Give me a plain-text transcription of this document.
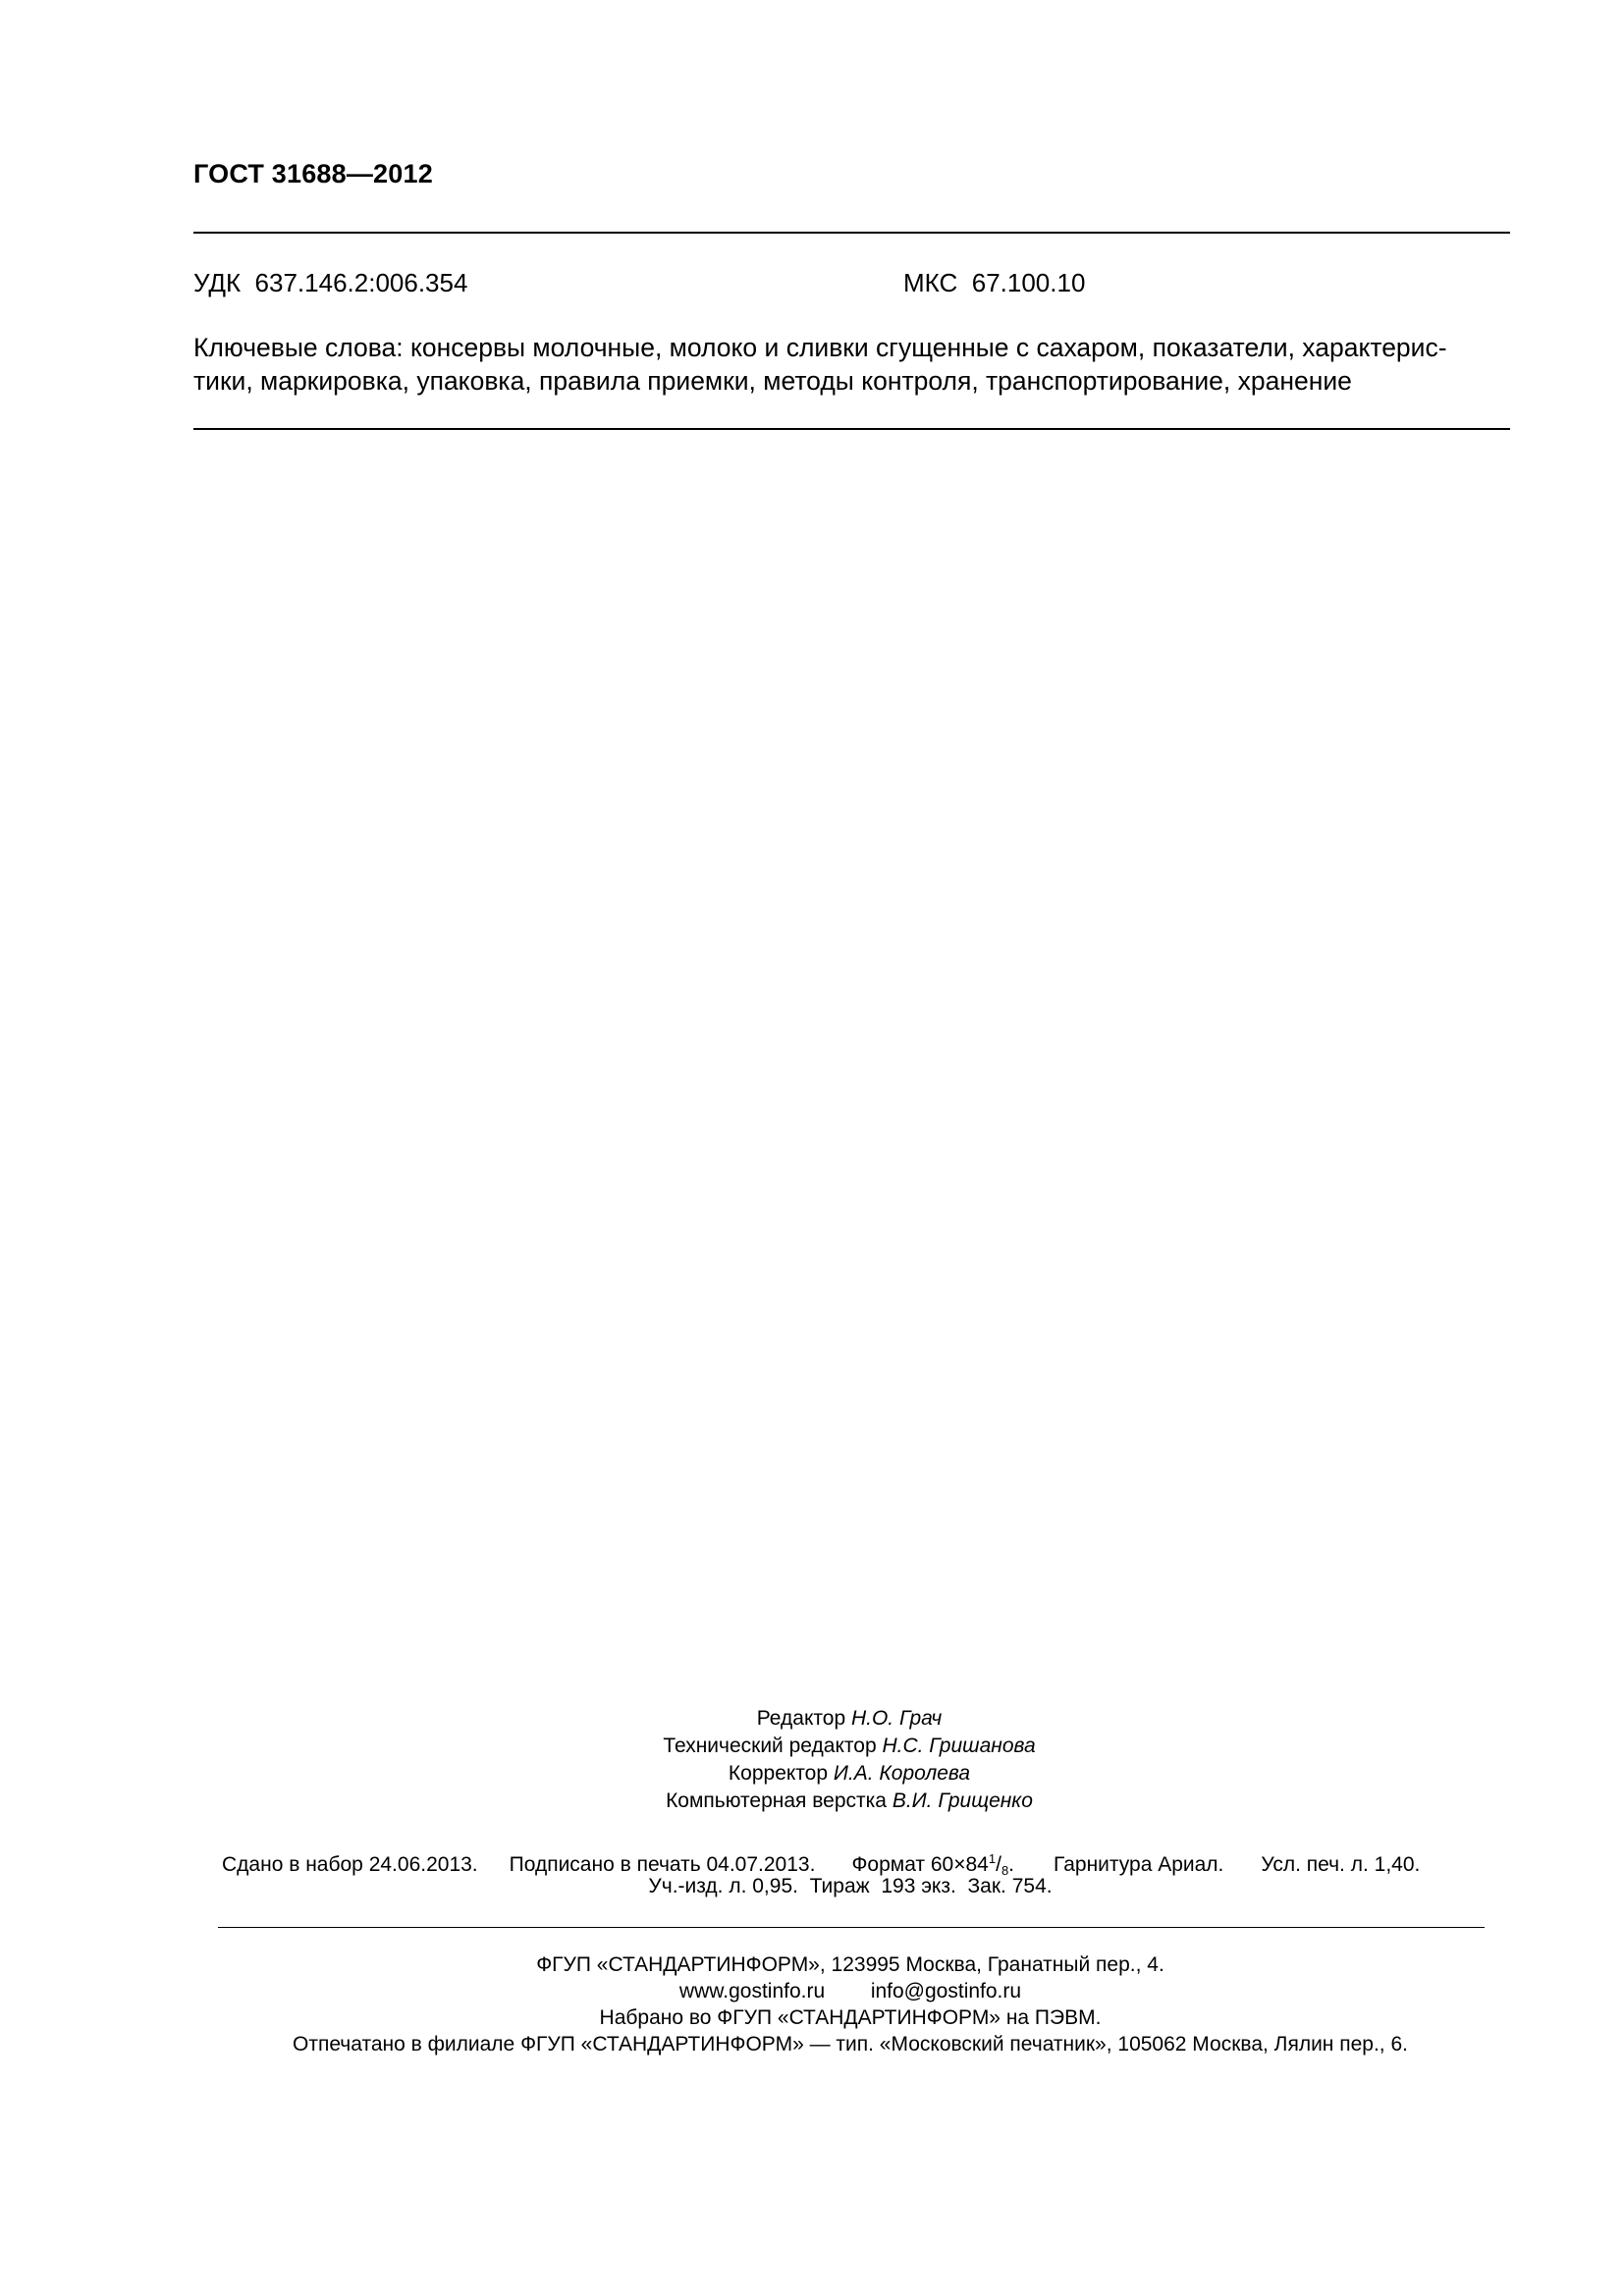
ГОСТ 31688—2012
УДК  637.146.2:006.354	МКС  67.100.10
Ключевые слова: консервы молочные, молоко и сливки сгущенные с сахаром, показатели, характерис-
тики, маркировка, упаковка, правила приемки, методы контроля, транспортирование, хранение
Редактор Н.О. Грач
Технический редактор Н.С. Гришанова
Корректор И.А. Королева
Компьютерная верстка В.И. Грищенко
Сдано в набор 24.06.2013. Подписано в печать 04.07.2013. Формат $60\times 84^1/_8$. Гарнитура Ариал. Усл. печ. л. 1,40.
Уч.-изд. л. 0,95.  Тираж  193 экз.  Зак. 754.
ФГУП «СТАНДАРТИНФОРМ», 123995 Москва, Гранатный пер., 4.
www.gostinfo.ru        info@gostinfo.ru
Набрано во ФГУП «СТАНДАРТИНФОРМ» на ПЭВМ.
Отпечатано в филиале ФГУП «СТАНДАРТИНФОРМ» — тип. «Московский печатник», 105062 Москва, Лялин пер., 6.
